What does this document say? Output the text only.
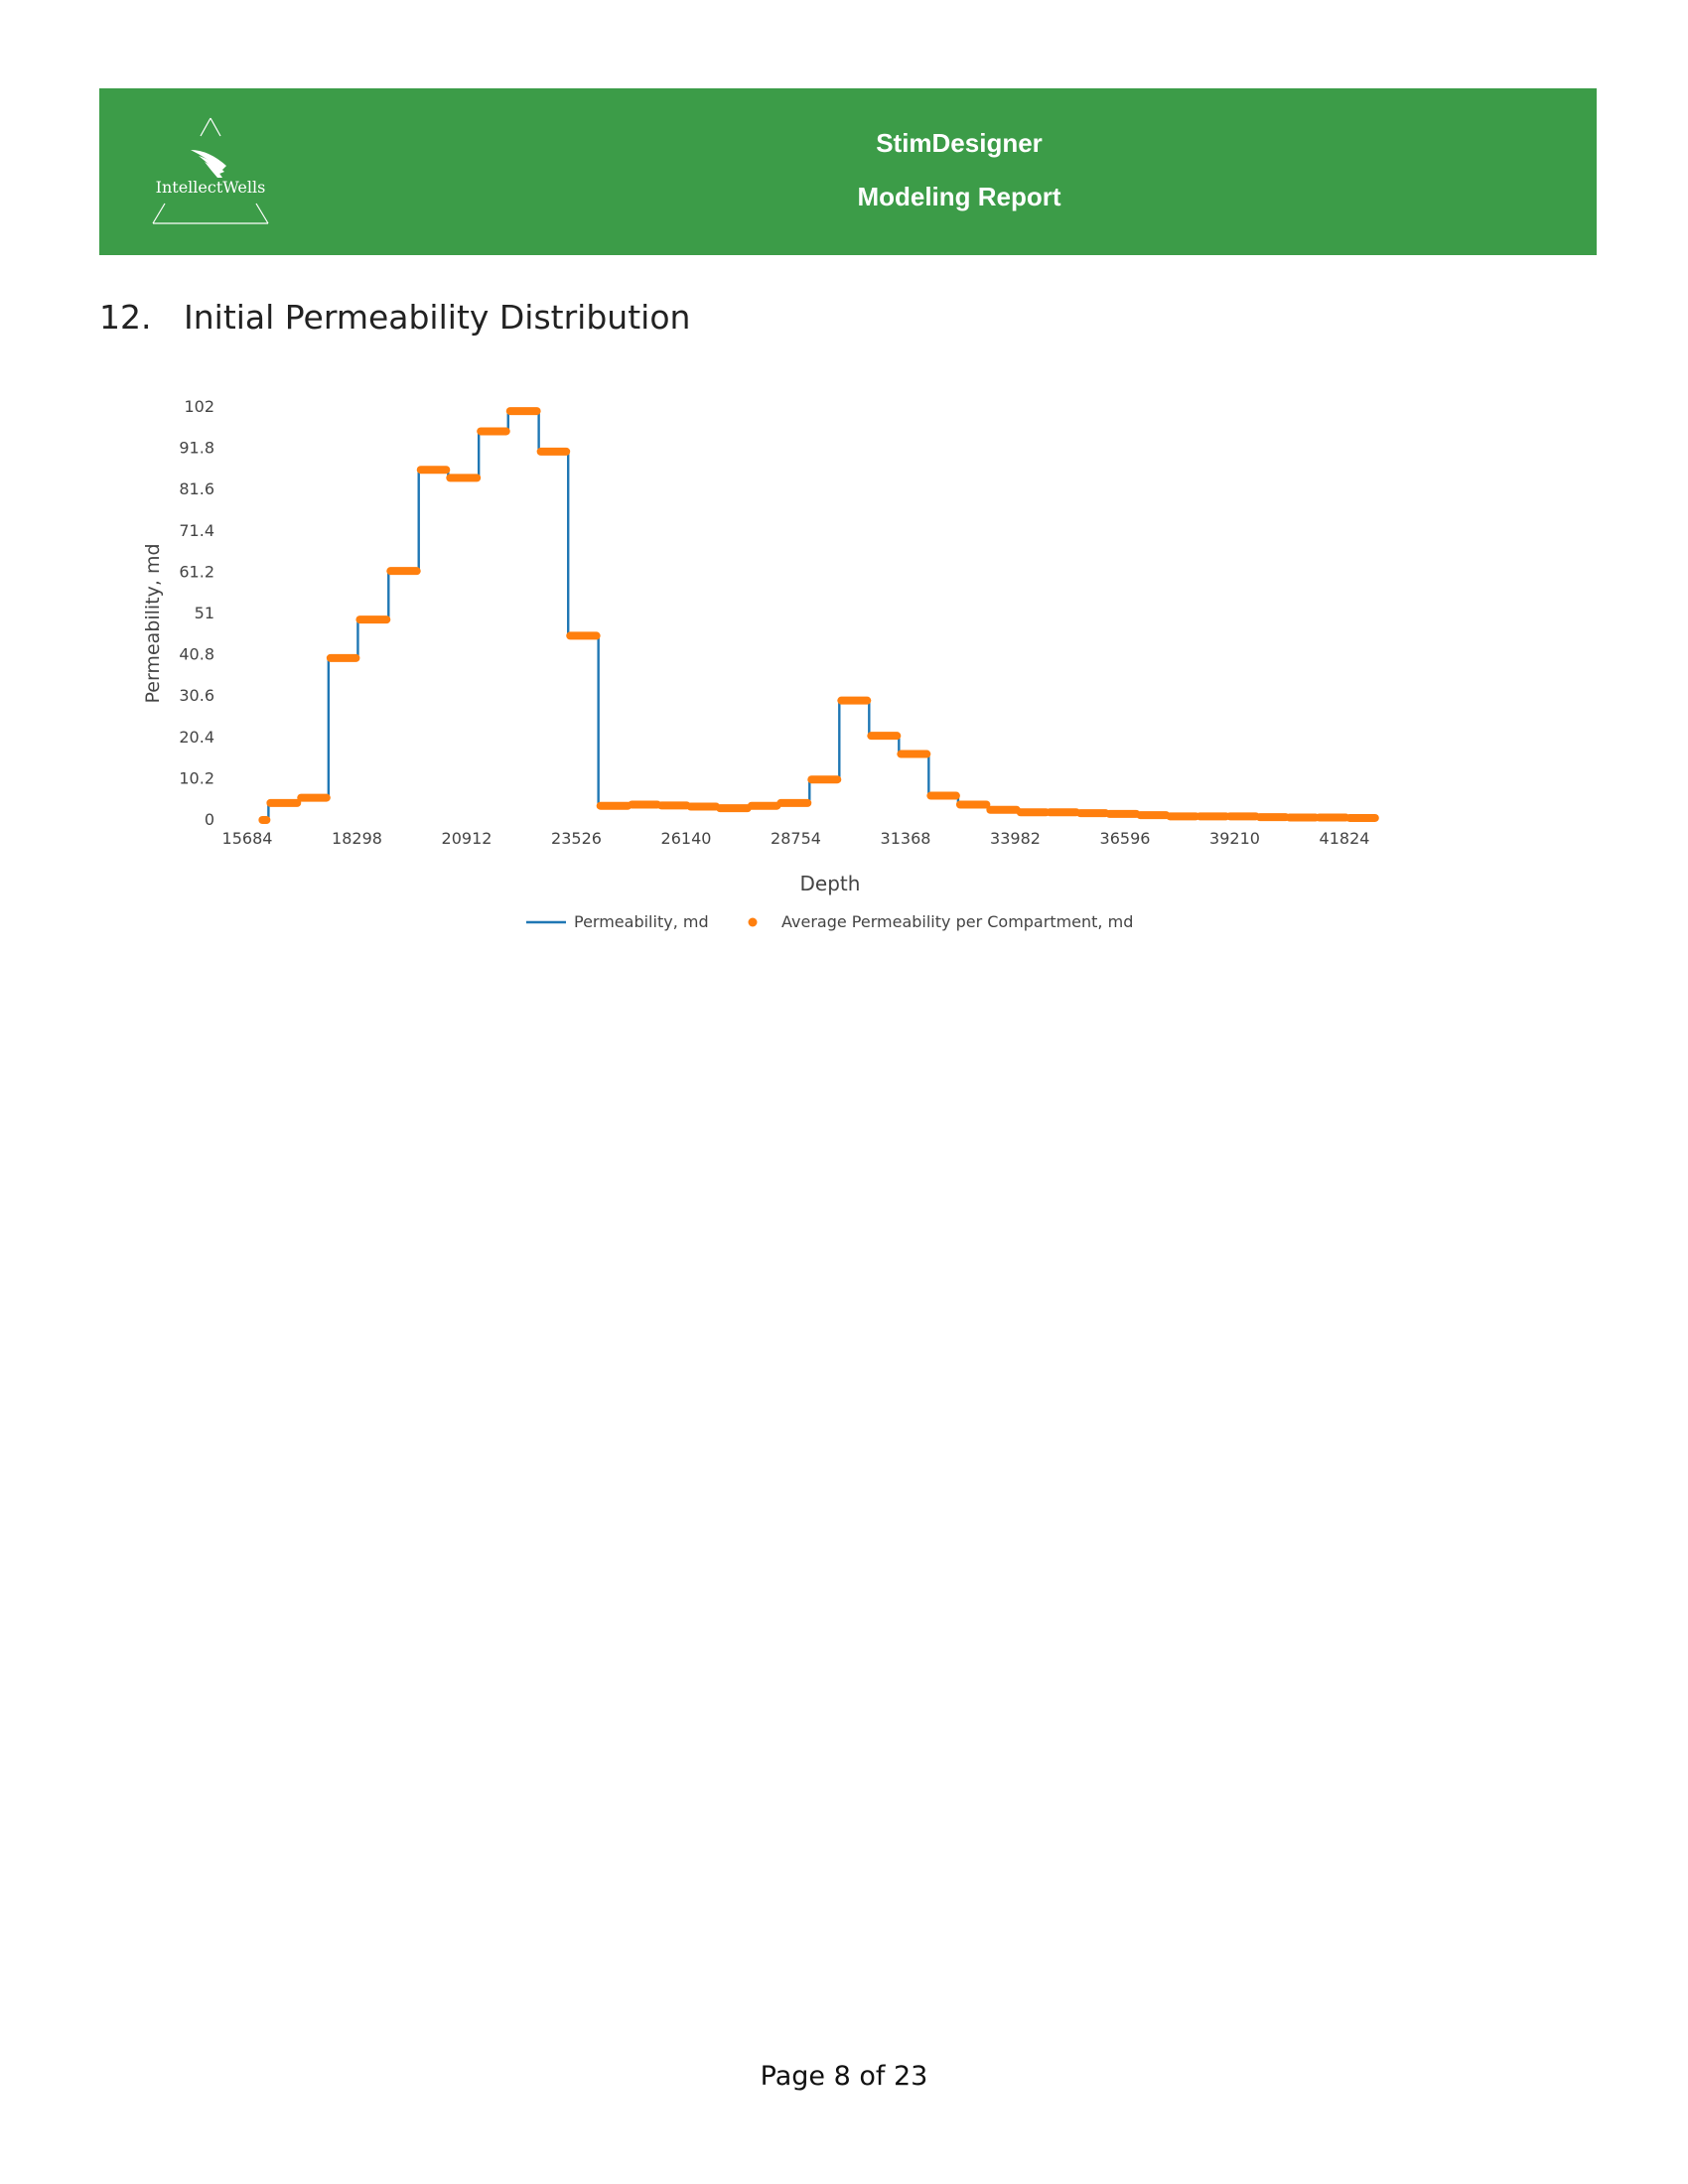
IntellectWells
StimDesigner
Modeling Report
12. Initial Permeability Distribution
0
10.2
20.4
30.6
40.8
51
61.2
71.4
81.6
91.8
102
15684	18298	20912	23526	26140	28754	31368	33982	36596	39210	41824
Depth
Permeability, md
Permeability, md	Average Permeability per Compartment, md
Page 8 of 23
